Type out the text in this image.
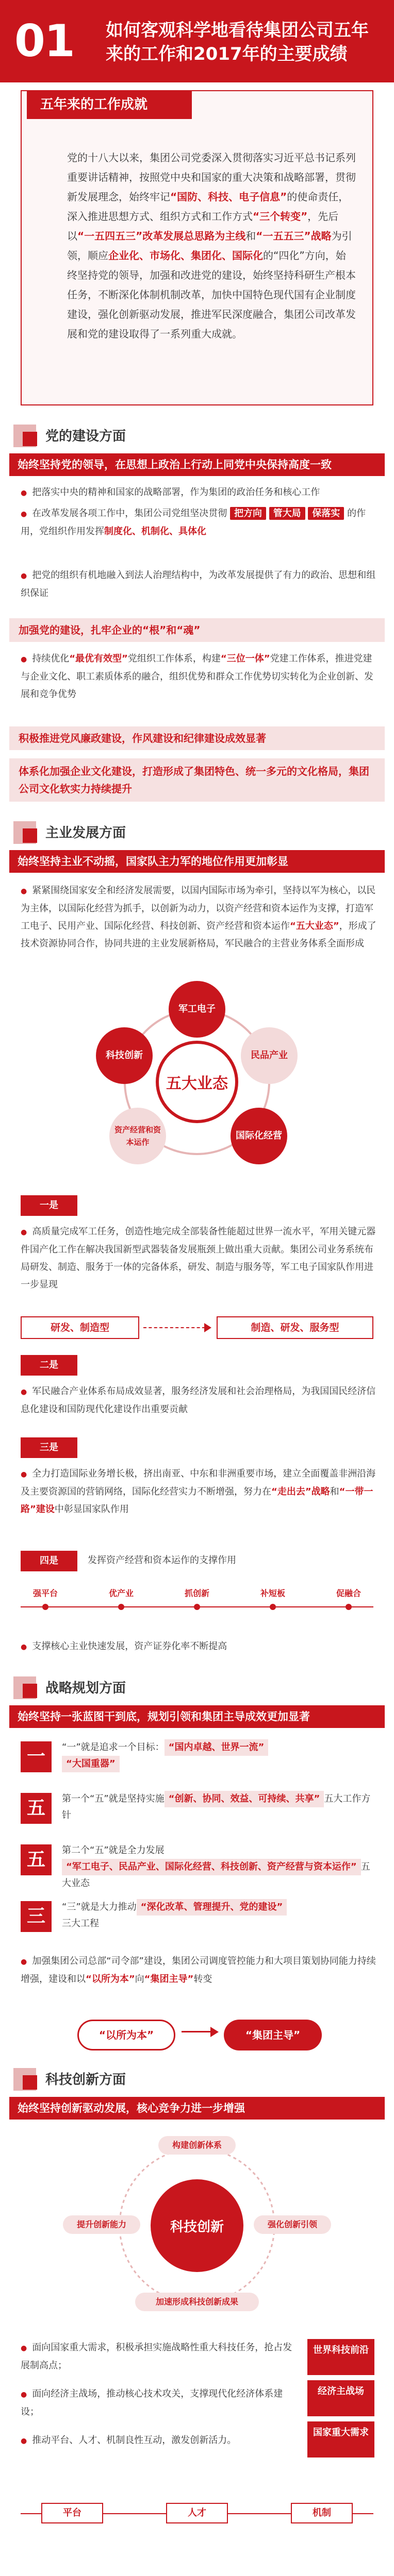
01	如何客观科学地看待集团公司五年来的工作和2017年的主要成绩
五年来的工作成就
党的十八大以来，集团公司党委深入贯彻落实习近平总书记系列重要讲话精神，按照党中央和国家的重大决策和战略部署，贯彻新发展理念，始终牢记“国防、科技、电子信息”的使命责任，深入推进思想方式、组织方式和工作方式“三个转变”，先后以“一五四五三”改革发展总思路为主线和“一五五三”战略为引领，顺应企业化、市场化、集团化、国际化的“四化”方向，始终坚持党的领导，加强和改进党的建设，始终坚持科研生产根本任务，不断深化体制机制改革，加快中国特色现代国有企业制度建设，强化创新驱动发展，推进军民深度融合，集团公司改革发展和党的建设取得了一系列重大成就。
党的建设方面
始终坚持党的领导，在思想上政治上行动上同党中央保持高度一致
● 把落实中央的精神和国家的战略部署，作为集团的政治任务和核心工作
● 在改革发展各项工作中，集团公司党组坚决贯彻 把方向 管大局 保落实 的作用，党组织作用发挥制度化、机制化、具体化
● 把党的组织有机地融入到法人治理结构中，为改革发展提供了有力的政治、思想和组织保证
加强党的建设，扎牢企业的“根”和“魂”
● 持续优化“最优有效型”党组织工作体系，构建“三位一体”党建工作体系，推进党建与企业文化、职工素质体系的融合，组织优势和群众工作优势切实转化为企业创新、发展和竞争优势
积极推进党风廉政建设，作风建设和纪律建设成效显著
体系化加强企业文化建设，打造形成了集团特色、统一多元的文化格局，集团公司文化软实力持续提升
主业发展方面
始终坚持主业不动摇，国家队主力军的地位作用更加彰显
● 紧紧围绕国家安全和经济发展需要，以国内国际市场为牵引，坚持以军为核心，以民为主体，以国际化经营为抓手，以创新为动力，以资产经营和资本运作为支撑，打造军工电子、民用产业、国际化经营、科技创新、资产经营和资本运作“五大业态”，形成了技术资源协同合作，协同共进的主业发展新格局，军民融合的主营业务体系全面形成
五大业态
军工电子
民品产业
国际化经营
资产经营和资本运作
科技创新
一是
● 高质量完成军工任务，创造性地完成全部装备性能超过世界一流水平，军用关键元器件国产化工作在解决我国新型武器装备发展瓶颈上做出重大贡献。集团公司业务系统布局研发、制造、服务于一体的完备体系，研发、制造与服务等，军工电子国家队作用进一步显现
研发、制造型	制造、研发、服务型
二是
● 军民融合产业体系布局成效显著，服务经济发展和社会治理格局，为我国国民经济信息化建设和国防现代化建设作出重要贡献
三是
● 全力打造国际业务增长极，挤出南亚、中东和非洲重要市场，建立全面覆盖非洲沿海及主要资源国的营销网络，国际化经营实力不断增强，努力在“走出去”战略和“一带一路”建设中彰显国家队作用
四是	发挥资产经营和资本运作的支撑作用
强平台	优产业	抓创新	补短板	促融合
● 支撑核心主业快速发展，资产证券化率不断提高
战略规划方面
始终坚持一张蓝图干到底，规划引领和集团主导成效更加显著
一	“一”就是追求一个目标： “国内卓越、世界一流”
“大国重器”
五	第一个“五”就是坚持实施 “创新、协同、效益、可持续、共享” 五大工作方针
五	第二个“五”就是全力发展“军工电子、民品产业、国际化经营、科技创新、资产经营与资本运作” 五大业态
三	“三”就是大力推动 “深化改革、管理提升、党的建设”
三大工程
● 加强集团公司总部“司令部”建设，集团公司调度管控能力和大项目策划协同能力持续增强，建设和以“以所为本”向“集团主导”转变
“以所为本”	“集团主导”
科技创新方面
始终坚持创新驱动发展，核心竞争力进一步增强
科技创新
构建创新体系
提升创新能力	强化创新引领
加速形成科技创新成果
● 面向国家重大需求，积极承担实施战略性重大科技任务，抢占发展制高点；
● 面向经济主战场，推动核心技术攻关，支撑现代化经济体系建设；
● 推动平台、人才、机制良性互动，激发创新活力。
世界科技前沿
经济主战场
国家重大需求
平台	人才	机制
